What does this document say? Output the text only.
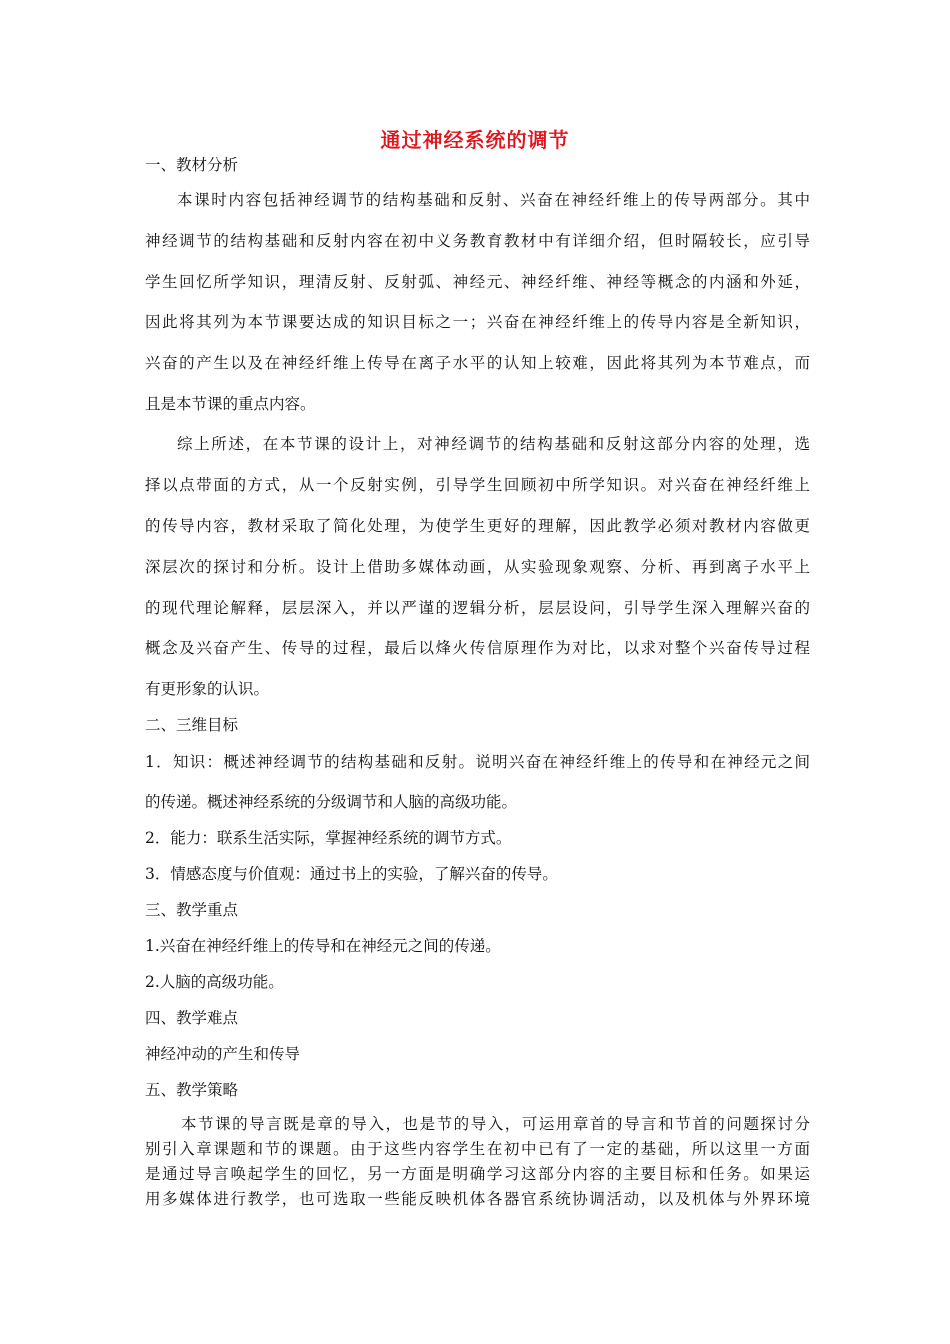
通过神经系统的调节
一、教材分析
本课时内容包括神经调节的结构基础和反射、兴奋在神经纤维上的传导两部分。其中
神经调节的结构基础和反射内容在初中义务教育教材中有详细介绍，但时隔较长，应引导
学生回忆所学知识，理清反射、反射弧、神经元、神经纤维、神经等概念的内涵和外延，
因此将其列为本节课要达成的知识目标之一；兴奋在神经纤维上的传导内容是全新知识，
兴奋的产生以及在神经纤维上传导在离子水平的认知上较难，因此将其列为本节难点，而
且是本节课的重点内容。
综上所述，在本节课的设计上，对神经调节的结构基础和反射这部分内容的处理，选
择以点带面的方式，从一个反射实例，引导学生回顾初中所学知识。对兴奋在神经纤维上
的传导内容，教材采取了简化处理，为使学生更好的理解，因此教学必须对教材内容做更
深层次的探讨和分析。设计上借助多媒体动画，从实验现象观察、分析、再到离子水平上
的现代理论解释，层层深入，并以严谨的逻辑分析，层层设问，引导学生深入理解兴奋的
概念及兴奋产生、传导的过程，最后以烽火传信原理作为对比，以求对整个兴奋传导过程
有更形象的认识。
二、三维目标
1．知识：概述神经调节的结构基础和反射。说明兴奋在神经纤维上的传导和在神经元之间
的传递。概述神经系统的分级调节和人脑的高级功能。
2．能力：联系生活实际，掌握神经系统的调节方式。
3．情感态度与价值观：通过书上的实验，了解兴奋的传导。
三、教学重点
1.兴奋在神经纤维上的传导和在神经元之间的传递。
2.人脑的高级功能。
四、教学难点
神经冲动的产生和传导
五、教学策略
本节课的导言既是章的导入，也是节的导入，可运用章首的导言和节首的问题探讨分
别引入章课题和节的课题。由于这些内容学生在初中已有了一定的基础，所以这里一方面
是通过导言唤起学生的回忆，另一方面是明确学习这部分内容的主要目标和任务。如果运
用多媒体进行教学，也可选取一些能反映机体各器官系统协调活动，以及机体与外界环境
